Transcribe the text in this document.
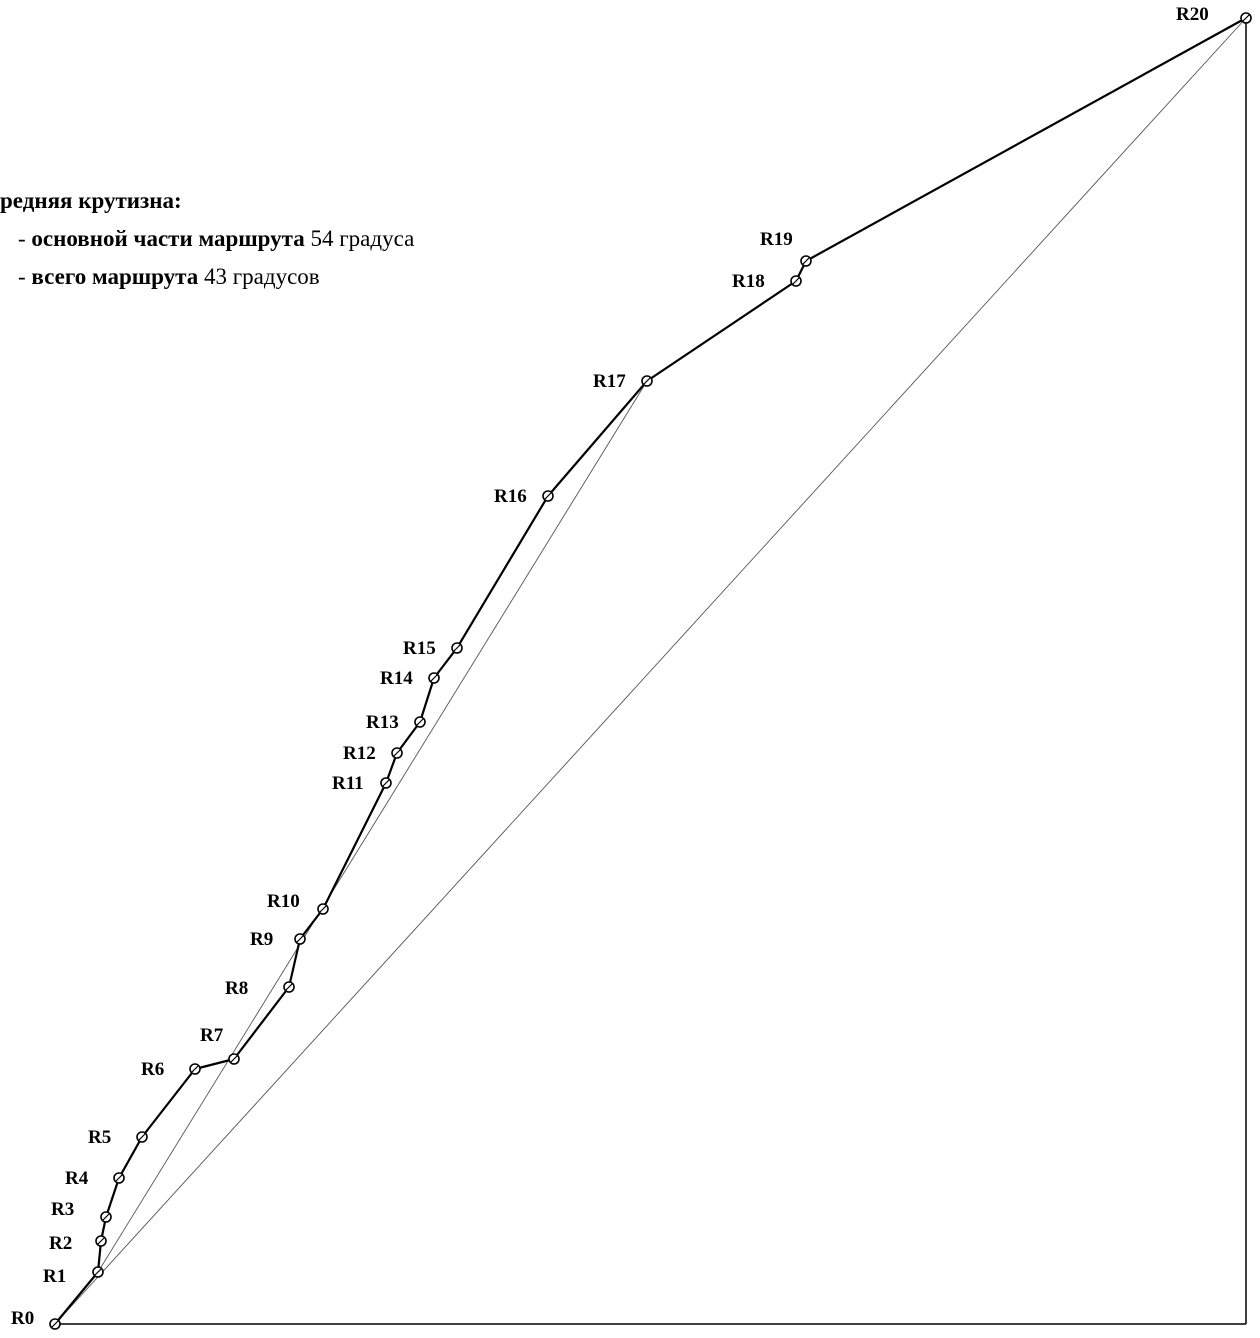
R0
R1
R2
R3
R4
R5
R6
R7
R8
R9
R10
R11
R12
R13
R14
R15
R16
R17
R18
R19
R20
редняя крутизна:
- основной части маршрута 54 градуса
- всего маршрута 43 градусов
